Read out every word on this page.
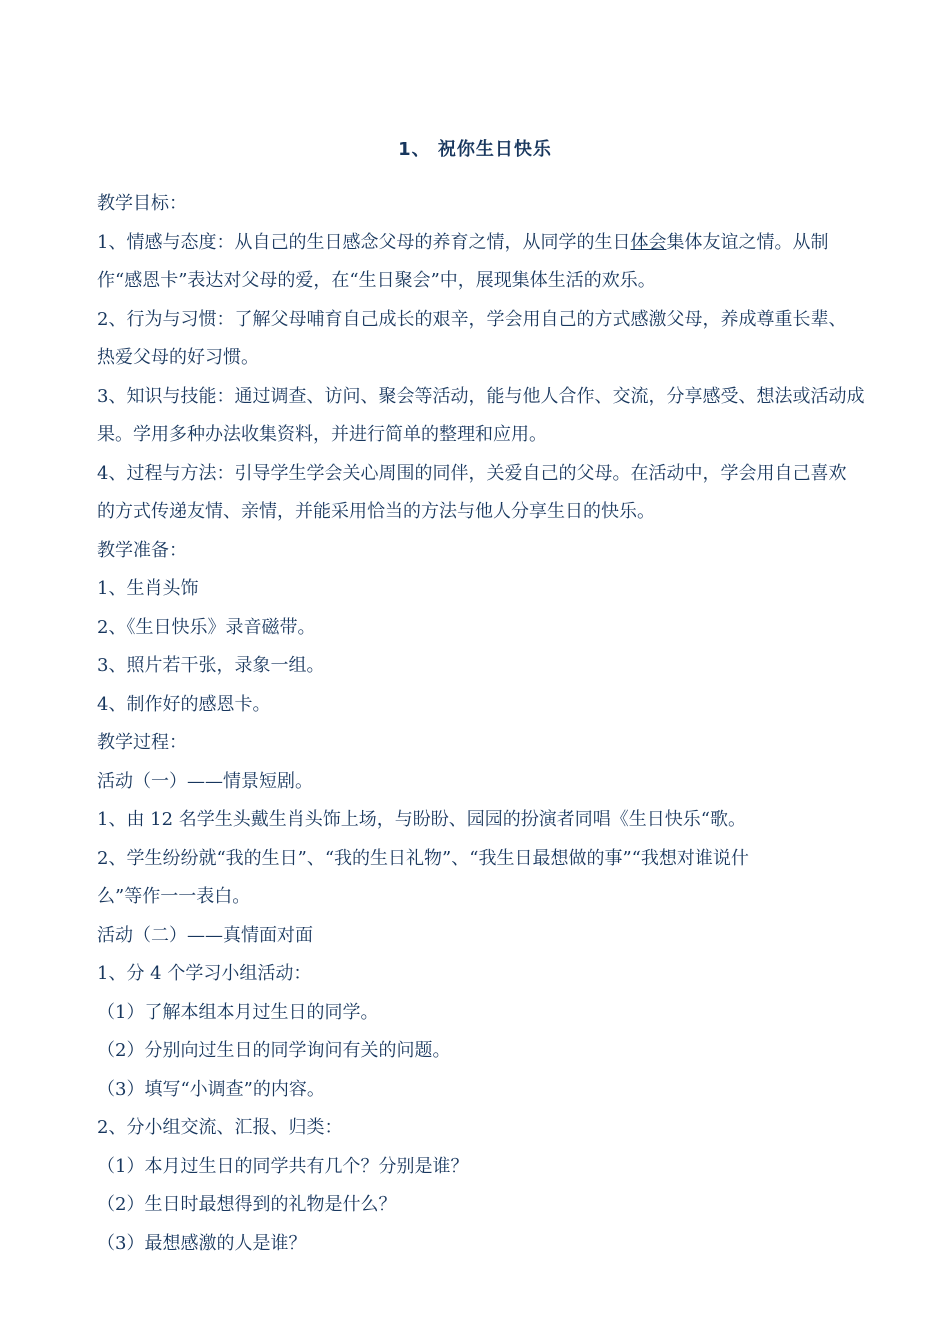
1、 祝你生日快乐
教学目标：
1、情感与态度：从自己的生日感念父母的养育之情，从同学的生日体会集体友谊之情。从制
作“感恩卡”表达对父母的爱，在“生日聚会”中，展现集体生活的欢乐。
2、行为与习惯：了解父母哺育自己成长的艰辛，学会用自己的方式感激父母，养成尊重长辈、
热爱父母的好习惯。
3、知识与技能：通过调查、访问、聚会等活动，能与他人合作、交流，分享感受、想法或活动成
果。学用多种办法收集资料，并进行简单的整理和应用。
4、过程与方法：引导学生学会关心周围的同伴，关爱自己的父母。在活动中，学会用自己喜欢
的方式传递友情、亲情，并能采用恰当的方法与他人分享生日的快乐。
教学准备：
1、生肖头饰
2、《生日快乐》录音磁带。
3、照片若干张，录象一组。
4、制作好的感恩卡。
教学过程：
活动（一）——情景短剧。
1、由 12 名学生头戴生肖头饰上场，与盼盼、园园的扮演者同唱《生日快乐“歌。
2、学生纷纷就“我的生日”、“我的生日礼物”、“我生日最想做的事”“我想对谁说什
么”等作一一表白。
活动（二）——真情面对面
1、分 4 个学习小组活动：
（1）了解本组本月过生日的同学。
（2）分别向过生日的同学询问有关的问题。
（3）填写“小调查”的内容。
2、分小组交流、汇报、归类：
（1）本月过生日的同学共有几个？分别是谁？
（2）生日时最想得到的礼物是什么？
（3）最想感激的人是谁？
